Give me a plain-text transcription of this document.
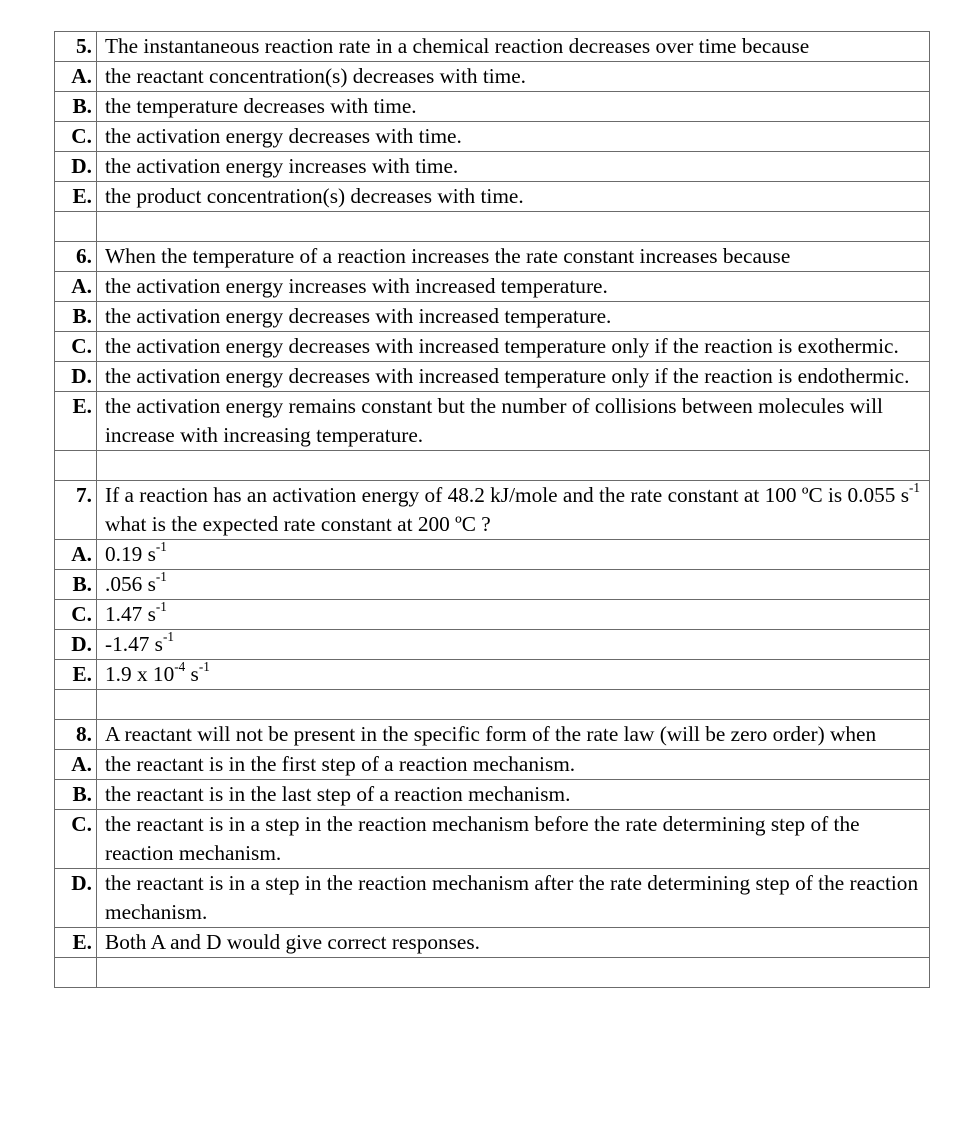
5.	The instantaneous reaction rate in a chemical reaction decreases over time because
A.	the reactant concentration(s) decreases with time.
B.	the temperature decreases with time.
C.	the activation energy decreases with time.
D.	the activation energy increases with time.
E.	the product concentration(s) decreases with time.

6.	When the temperature of a reaction increases the rate constant increases because
A.	the activation energy increases with increased temperature.
B.	the activation energy decreases with increased temperature.
C.	the activation energy decreases with increased temperature only if the reaction is exothermic.
D.	the activation energy decreases with increased temperature only if the reaction is endothermic.
E.	the activation energy remains constant but the number of collisions between molecules will increase with increasing temperature.

7.	If a reaction has an activation energy of 48.2 kJ/mole and the rate constant at 100 ºC is 0.055 $s^{-1}$ what is the expected rate constant at 200 ºC ?
A.	0.19 $s^{-1}$
B.	.056 $s^{-1}$
C.	1.47 $s^{-1}$
D.	-1.47 $s^{-1}$
E.	1.9 x $10^{-4}$ $s^{-1}$

8.	A reactant will not be present in the specific form of the rate law (will be zero order) when
A.	the reactant is in the first step of a reaction mechanism.
B.	the reactant is in the last step of a reaction mechanism.
C.	the reactant is in a step in the reaction mechanism before the rate determining step of the reaction mechanism.
D.	the reactant is in a step in the reaction mechanism after the rate determining step of the reaction mechanism.
E.	Both A and D would give correct responses.
